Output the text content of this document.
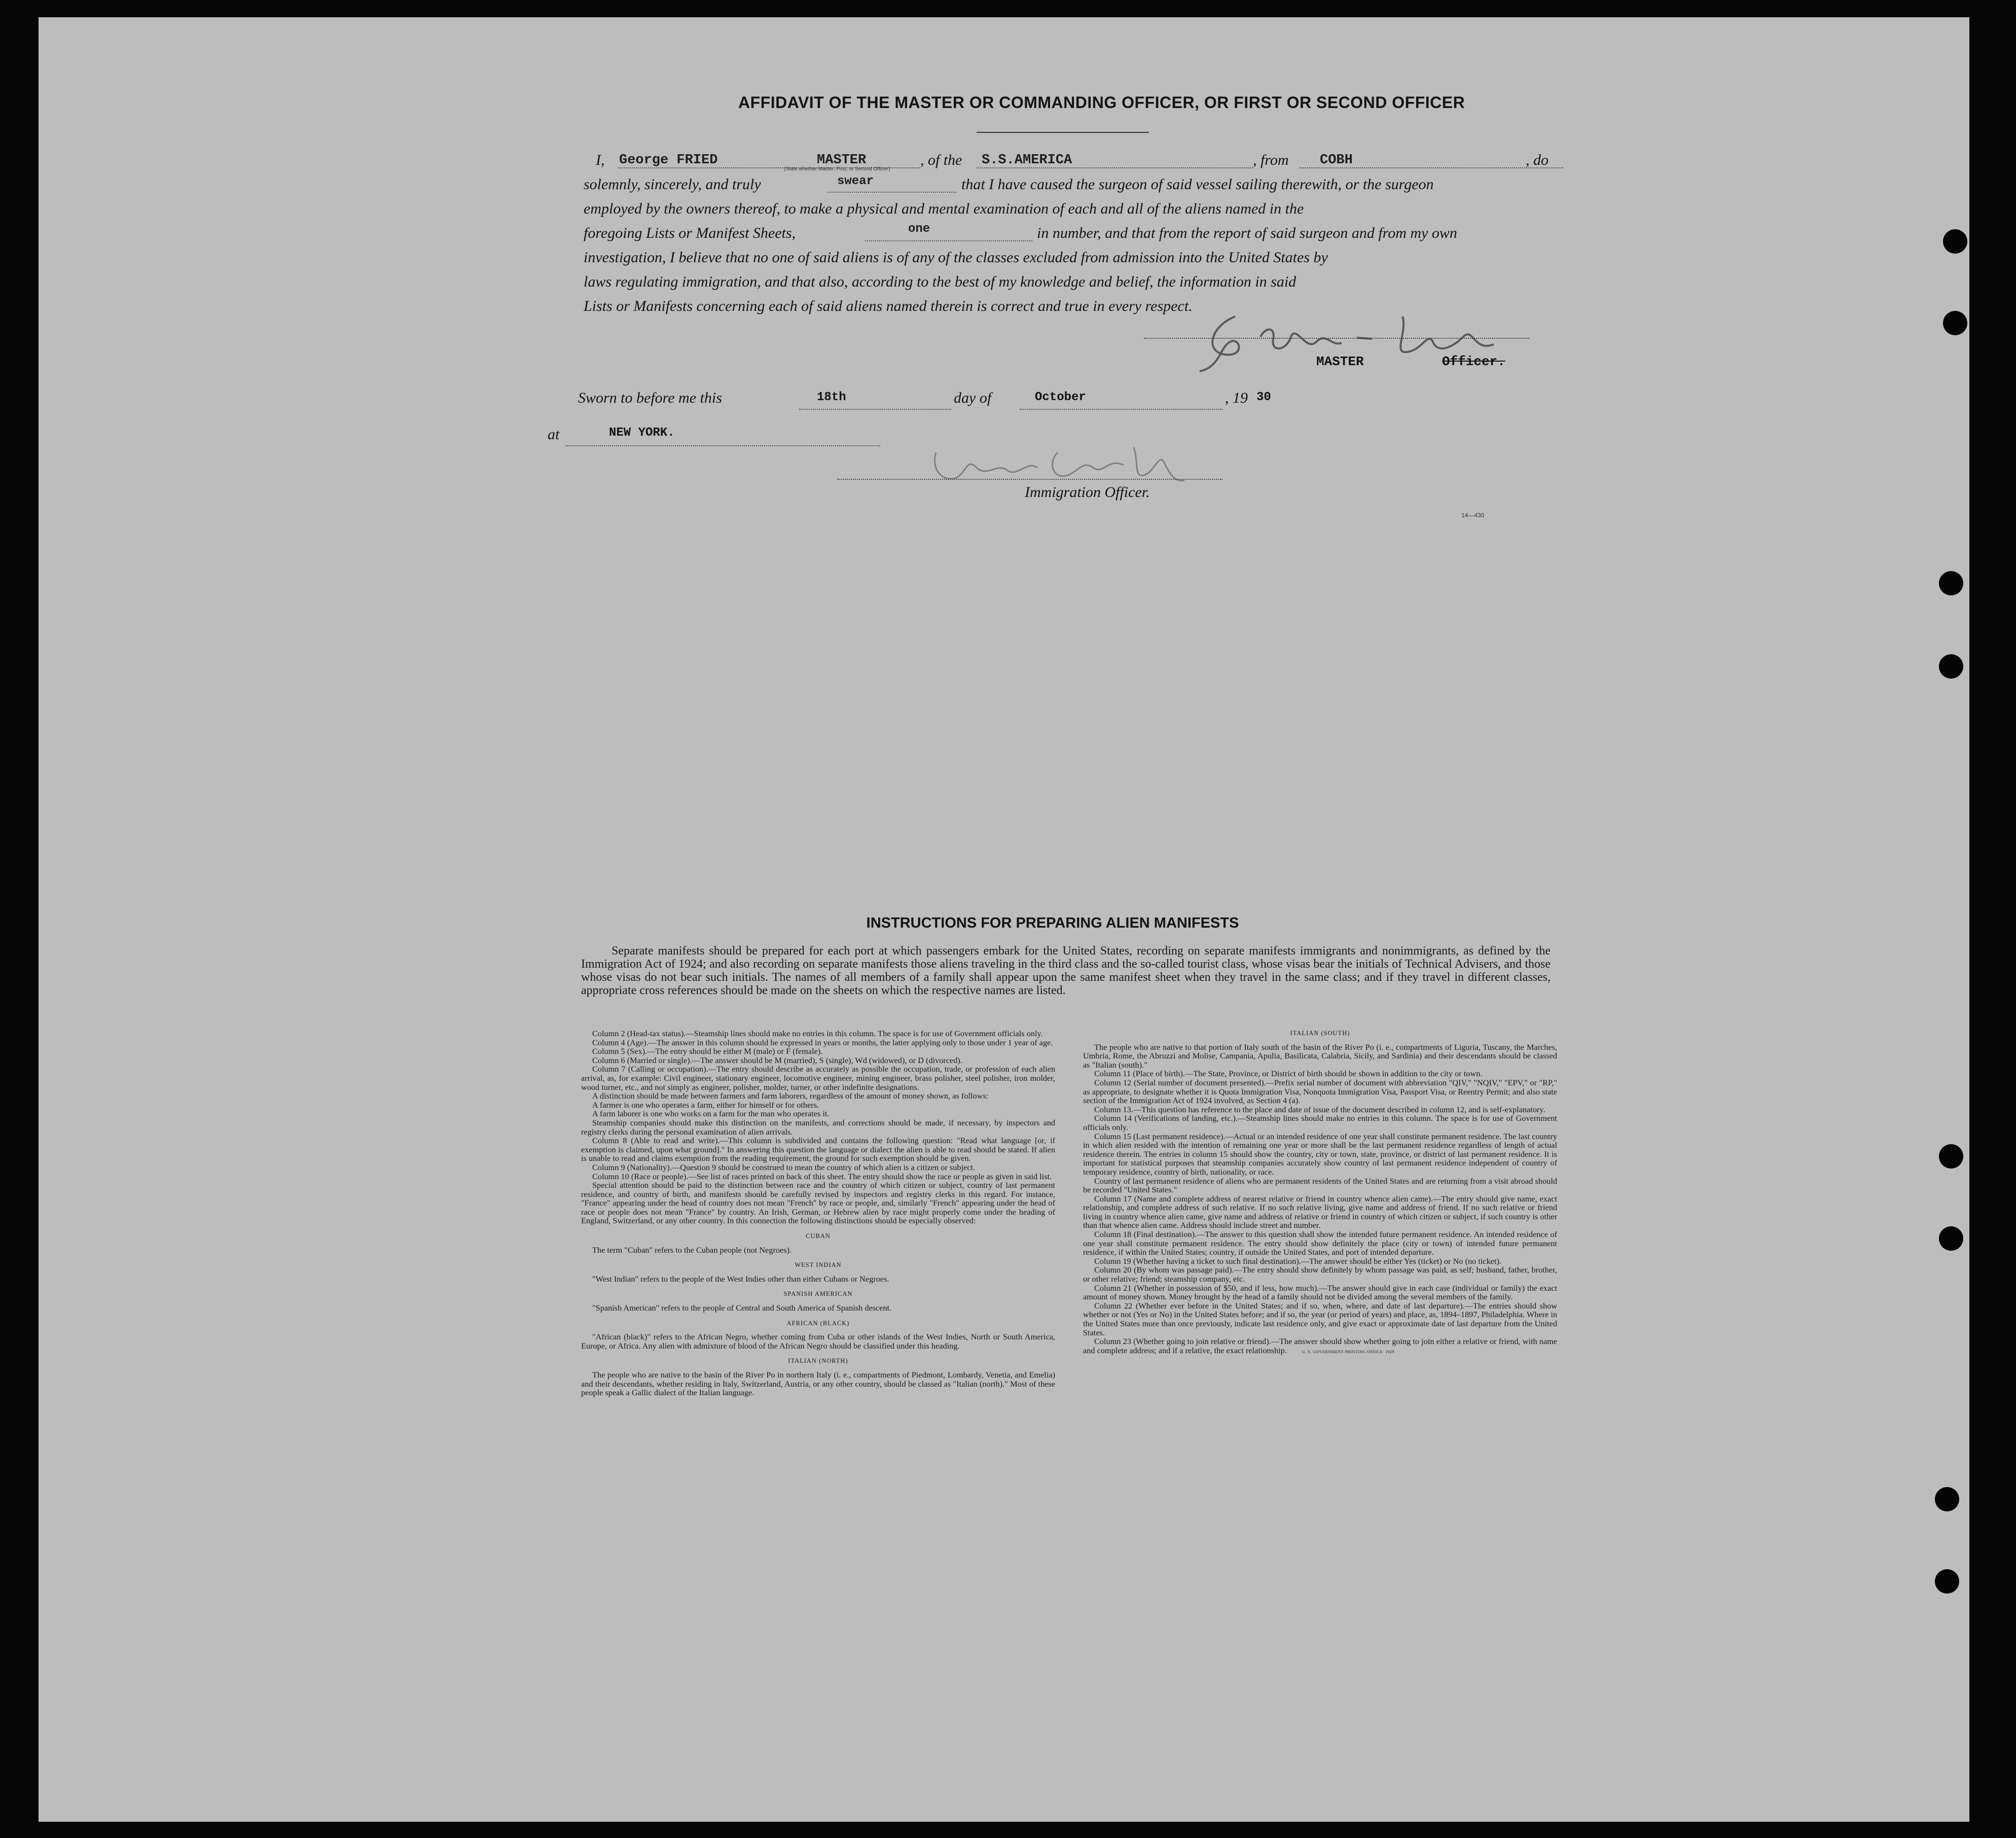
AFFIDAVIT OF THE MASTER OR COMMANDING OFFICER, OR FIRST OR SECOND OFFICER
I, George FRIED	MASTER
(State whether Master, First, or Second Officer)
, of the S.S.AMERICA	, from COBH	, do
solemnly, sincerely, and truly	swear	that I have caused the surgeon of said vessel sailing therewith, or the surgeon
employed by the owners thereof, to make a physical and mental examination of each and all of the aliens named in the
foregoing Lists or Manifest Sheets,	one	in number, and that from the report of said surgeon and from my own
investigation, I believe that no one of said aliens is of any of the classes excluded from admission into the United States by
laws regulating immigration, and that also, according to the best of my knowledge and belief, the information in said
Lists or Manifests concerning each of said aliens named therein is correct and true in every respect.
MASTER	Officer.
Sworn to before me this	18th	day of	October	, 19 30
at	NEW YORK.
Immigration Officer.
14—430
INSTRUCTIONS FOR PREPARING ALIEN MANIFESTS
Separate manifests should be prepared for each port at which passengers embark for the United States, recording on separate manifests immigrants and nonimmigrants, as defined by the Immigration Act of 1924; and also recording on separate manifests those aliens traveling in the third class and the so-called tourist class, whose visas bear the initials of Technical Advisers, and those whose visas do not bear such initials. The names of all members of a family shall appear upon the same manifest sheet when they travel in the same class; and if they travel in different classes, appropriate cross references should be made on the sheets on which the respective names are listed.

Column 2 (Head-tax status).—Steamship lines should make no entries in this column. The space is for use of Government officials only.

Column 4 (Age).—The answer in this column should be expressed in years or months, the latter applying only to those under 1 year of age.

Column 5 (Sex).—The entry should be either M (male) or F (female).

Column 6 (Married or single).—The answer should be M (married), S (single), Wd (widowed), or D (divorced).

Column 7 (Calling or occupation).—The entry should describe as accurately as possible the occupation, trade, or profession of each alien arrival, as, for example: Civil engineer, stationary engineer, locomotive engineer, mining engineer, brass polisher, steel polisher, iron molder, wood turner, etc., and not simply as engineer, polisher, molder, turner, or other indefinite designations.

A distinction should be made between farmers and farm laborers, regardless of the amount of money shown, as follows:

A farmer is one who operates a farm, either for himself or for others.

A farm laborer is one who works on a farm for the man who operates it.

Steamship companies should make this distinction on the manifests, and corrections should be made, if necessary, by inspectors and registry clerks during the personal examination of alien arrivals.

Column 8 (Able to read and write).—This column is subdivided and contains the following question: "Read what language [or, if exemption is claimed, upon what ground]." In answering this question the language or dialect the alien is able to read should be stated. If alien is unable to read and claims exemption from the reading requirement, the ground for such exemption should be given.

Column 9 (Nationality).—Question 9 should be construed to mean the country of which alien is a citizen or subject.

Column 10 (Race or people).—See list of races printed on back of this sheet. The entry should show the race or people as given in said list.

Special attention should be paid to the distinction between race and the country of which citizen or subject, country of last permanent residence, and country of birth, and manifests should be carefully revised by inspectors and registry clerks in this regard. For instance, "France" appearing under the head of country does not mean "French" by race or people, and, similarly "French" appearing under the head of race or people does not mean "France" by country. An Irish, German, or Hebrew alien by race might properly come under the heading of England, Switzerland, or any other country. In this connection the following distinctions should be especially observed:

CUBAN

The term "Cuban" refers to the Cuban people (not Negroes).

WEST INDIAN

"West Indian" refers to the people of the West Indies other than either Cubans or Negroes.

SPANISH AMERICAN

"Spanish American" refers to the people of Central and South America of Spanish descent.

AFRICAN (BLACK)

"African (black)" refers to the African Negro, whether coming from Cuba or other islands of the West Indies, North or South America, Europe, or Africa. Any alien with admixture of blood of the African Negro should be classified under this heading.

ITALIAN (NORTH)

The people who are native to the basin of the River Po in northern Italy (i. e., compartments of Piedmont, Lombardy, Venetia, and Emelia) and their descendants, whether residing in Italy, Switzerland, Austria, or any other country, should be classed as "Italian (north)." Most of these people speak a Gallic dialect of the Italian language.

ITALIAN (SOUTH)

The people who are native to that portion of Italy south of the basin of the River Po (i. e., compartments of Liguria, Tuscany, the Marches, Umbria, Rome, the Abruzzi and Molise, Campania, Apulia, Basilicata, Calabria, Sicily, and Sardinia) and their descendants should be classed as "Italian (south)."

Column 11 (Place of birth).—The State, Province, or District of birth should be shown in addition to the city or town.

Column 12 (Serial number of document presented).—Prefix serial number of document with abbreviation "QIV," "NQIV," "EPV," or "RP," as appropriate, to designate whether it is Quota Immigration Visa, Nonquota Immigration Visa, Passport Visa, or Reentry Permit; and also state section of the Immigration Act of 1924 involved, as Section 4 (a).

Column 13.—This question has reference to the place and date of issue of the document described in column 12, and is self-explanatory.

Column 14 (Verifications of landing, etc.).—Steamship lines should make no entries in this column. The space is for use of Government officials only.

Column 15 (Last permanent residence).—Actual or an intended residence of one year shall constitute permanent residence. The last country in which alien resided with the intention of remaining one year or more shall be the last permanent residence regardless of length of actual residence therein. The entries in column 15 should show the country, city or town, state, province, or district of last permanent residence. It is important for statistical purposes that steamship companies accurately show country of last permanent residence independent of country of temporary residence, country of birth, nationality, or race.

Country of last permanent residence of aliens who are permanent residents of the United States and are returning from a visit abroad should be recorded "United States."

Column 17 (Name and complete address of nearest relative or friend in country whence alien came).—The entry should give name, exact relationship, and complete address of such relative. If no such relative living, give name and address of friend. If no such relative or friend living in country whence alien came, give name and address of relative or friend in country of which citizen or subject, if such country is other than that whence alien came. Address should include street and number.

Column 18 (Final destination).—The answer to this question shall show the intended future permanent residence. An intended residence of one year shall constitute permanent residence. The entry should show definitely the place (city or town) of intended future permanent residence, if within the United States; country, if outside the United States, and port of intended departure.

Column 19 (Whether having a ticket to such final destination).—The answer should be either Yes (ticket) or No (no ticket).

Column 20 (By whom was passage paid).—The entry should show definitely by whom passage was paid, as self; husband, father, brother, or other relative; friend; steamship company, etc.

Column 21 (Whether in possession of $50, and if less, how much).—The answer should give in each case (individual or family) the exact amount of money shown. Money brought by the head of a family should not be divided among the several members of the family.

Column 22 (Whether ever before in the United States; and if so, when, where, and date of last departure).—The entries should show whether or not (Yes or No) in the United States before; and if so, the year (or period of years) and place, as, 1894–1897, Philadelphia. Where in the United States more than once previously, indicate last residence only, and give exact or approximate date of last departure from the United States.

Column 23 (Whether going to join relative or friend).—The answer should show whether going to join either a relative or friend, with name and complete address; and if a relative, the exact relationship.	U. S. GOVERNMENT PRINTING OFFICE: 1929
